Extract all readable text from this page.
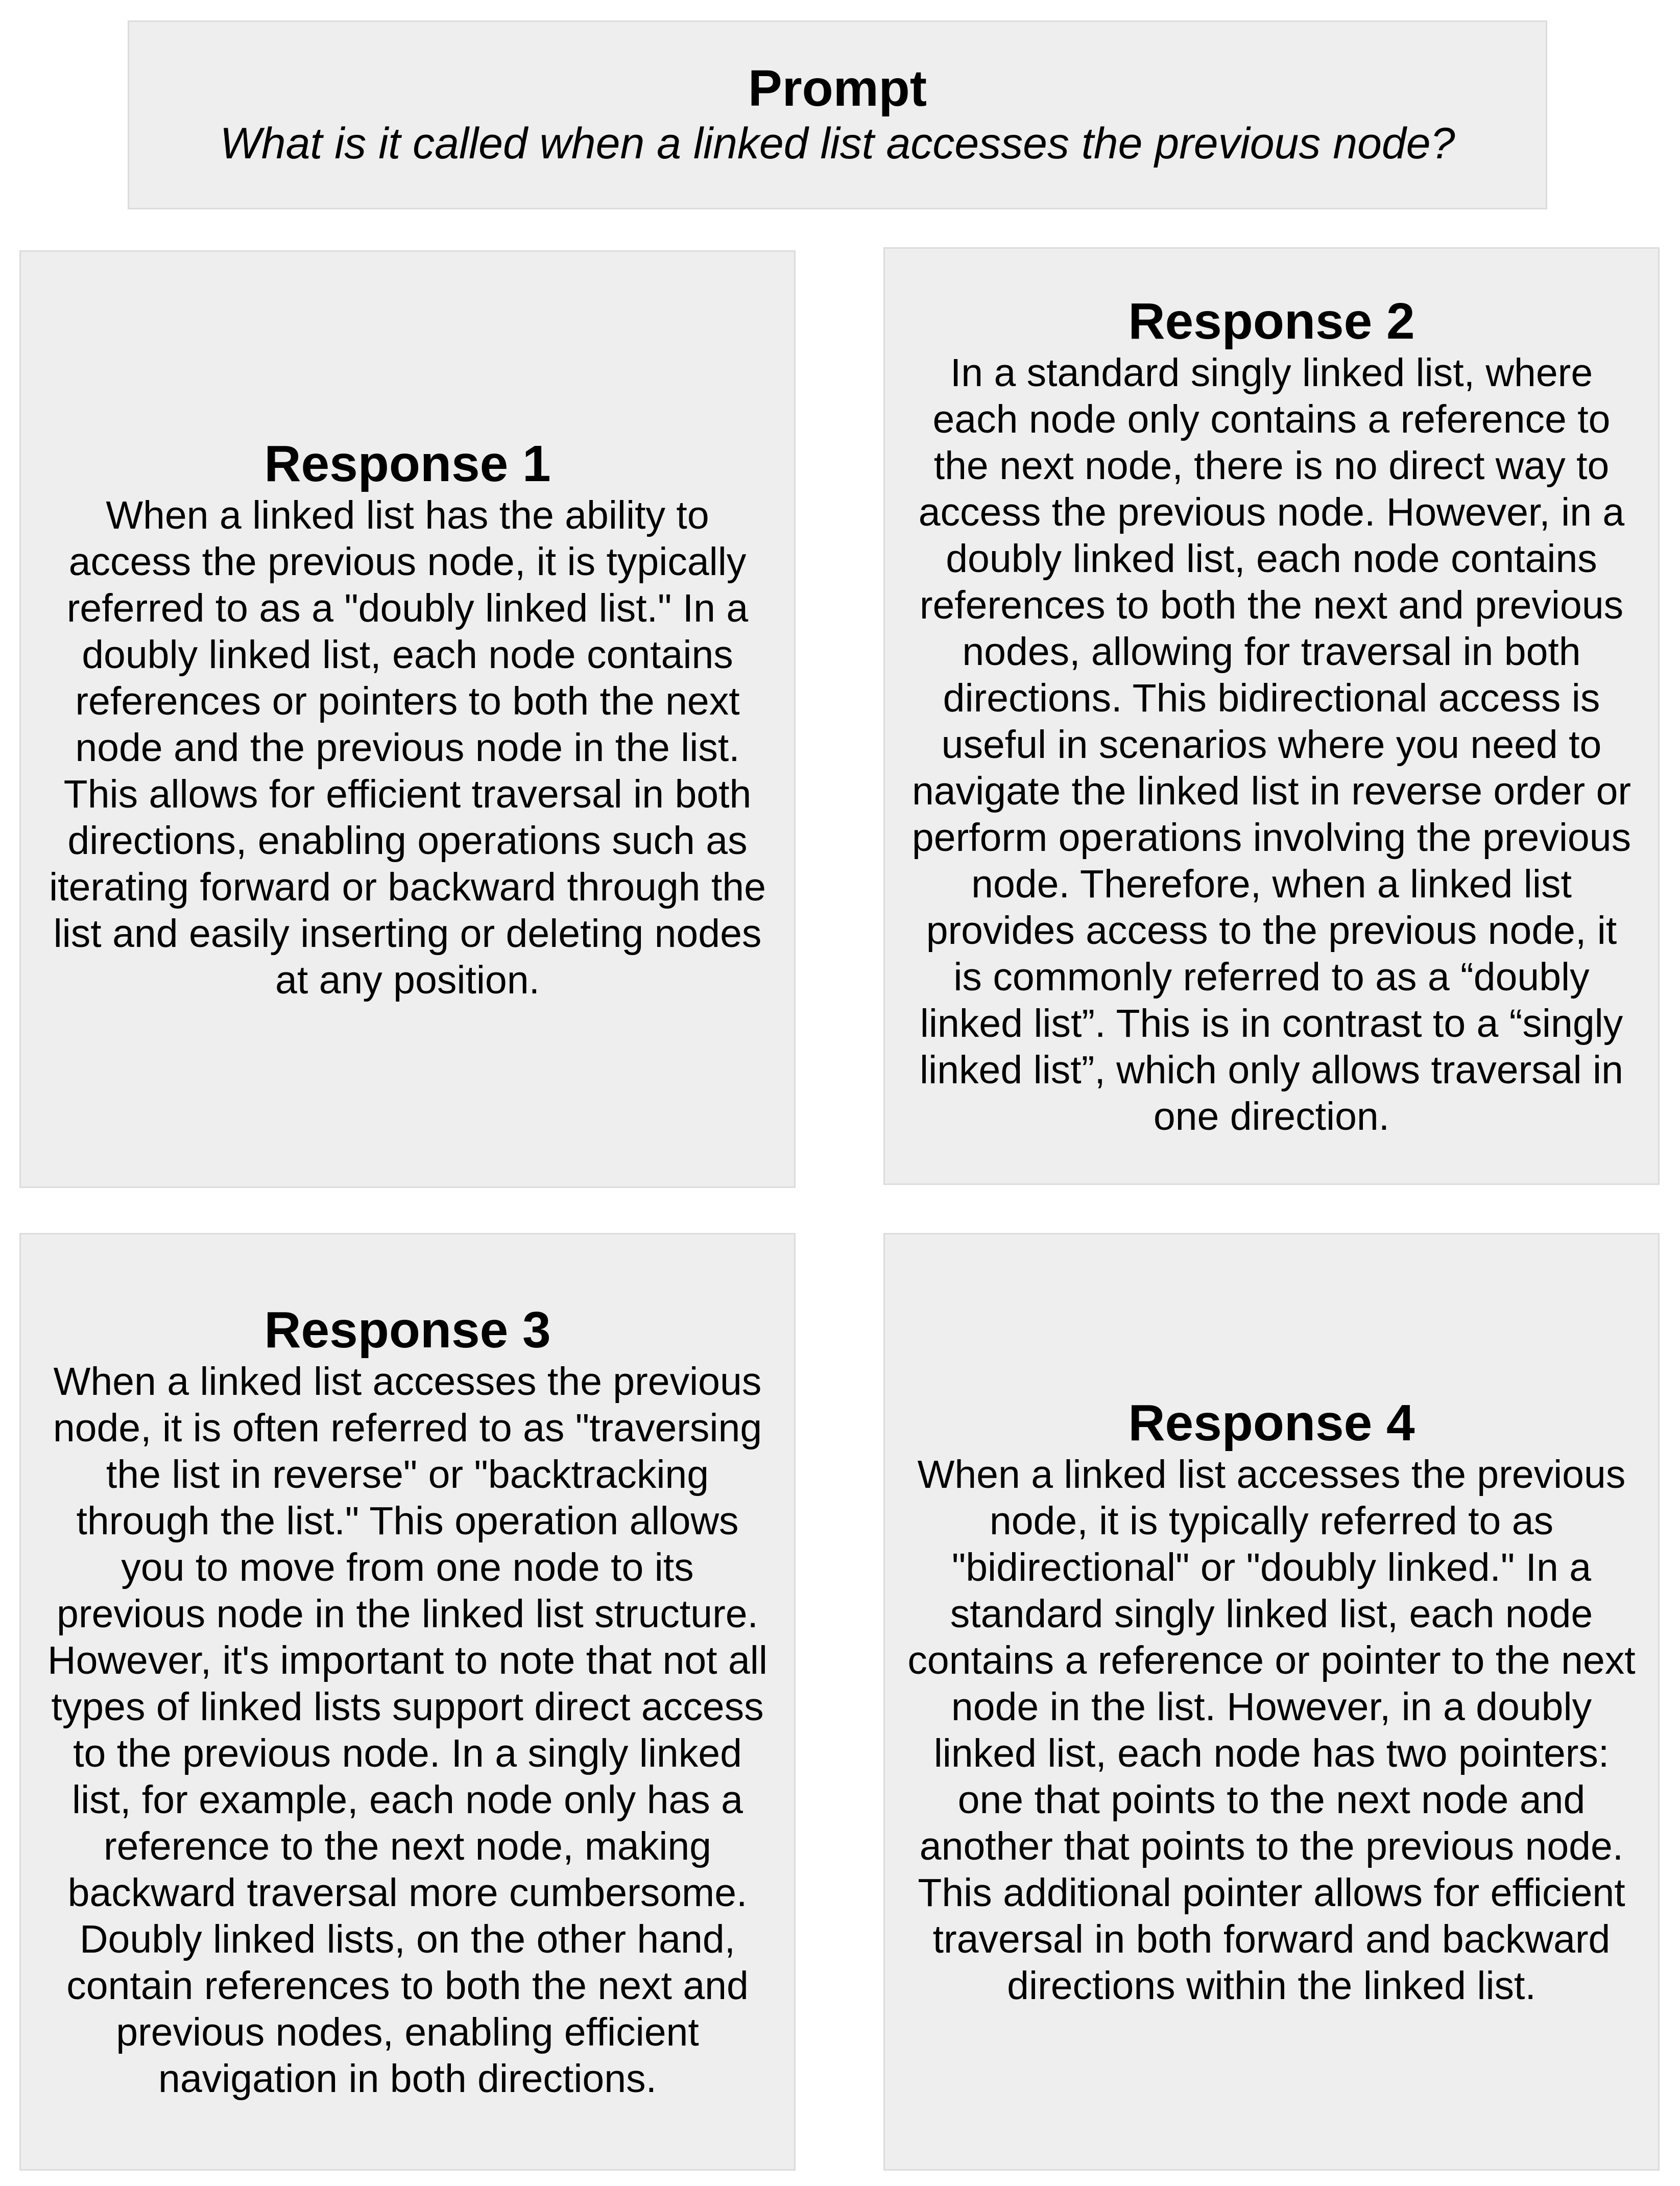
Prompt
What is it called when a linked list accesses the previous node?
Response 1
When a linked list has the ability to access the previous node, it is typically referred to as a "doubly linked list." In a doubly linked list, each node contains references or pointers to both the next node and the previous node in the list. This allows for efficient traversal in both directions, enabling operations such as iterating forward or backward through the list and easily inserting or deleting nodes at any position.
Response 2
In a standard singly linked list, where each node only contains a reference to the next node, there is no direct way to access the previous node. However, in a doubly linked list, each node contains references to both the next and previous nodes, allowing for traversal in both directions. This bidirectional access is useful in scenarios where you need to navigate the linked list in reverse order or perform operations involving the previous node. Therefore, when a linked list provides access to the previous node, it is commonly referred to as a “doubly linked list”. This is in contrast to a “singly linked list”, which only allows traversal in one direction.
Response 3
When a linked list accesses the previous node, it is often referred to as "traversing the list in reverse" or "backtracking through the list." This operation allows you to move from one node to its previous node in the linked list structure. However, it's important to note that not all types of linked lists support direct access to the previous node. In a singly linked list, for example, each node only has a reference to the next node, making backward traversal more cumbersome. Doubly linked lists, on the other hand, contain references to both the next and previous nodes, enabling efficient navigation in both directions.
Response 4
When a linked list accesses the previous node, it is typically referred to as "bidirectional" or "doubly linked." In a standard singly linked list, each node contains a reference or pointer to the next node in the list. However, in a doubly linked list, each node has two pointers: one that points to the next node and another that points to the previous node. This additional pointer allows for efficient traversal in both forward and backward directions within the linked list.
